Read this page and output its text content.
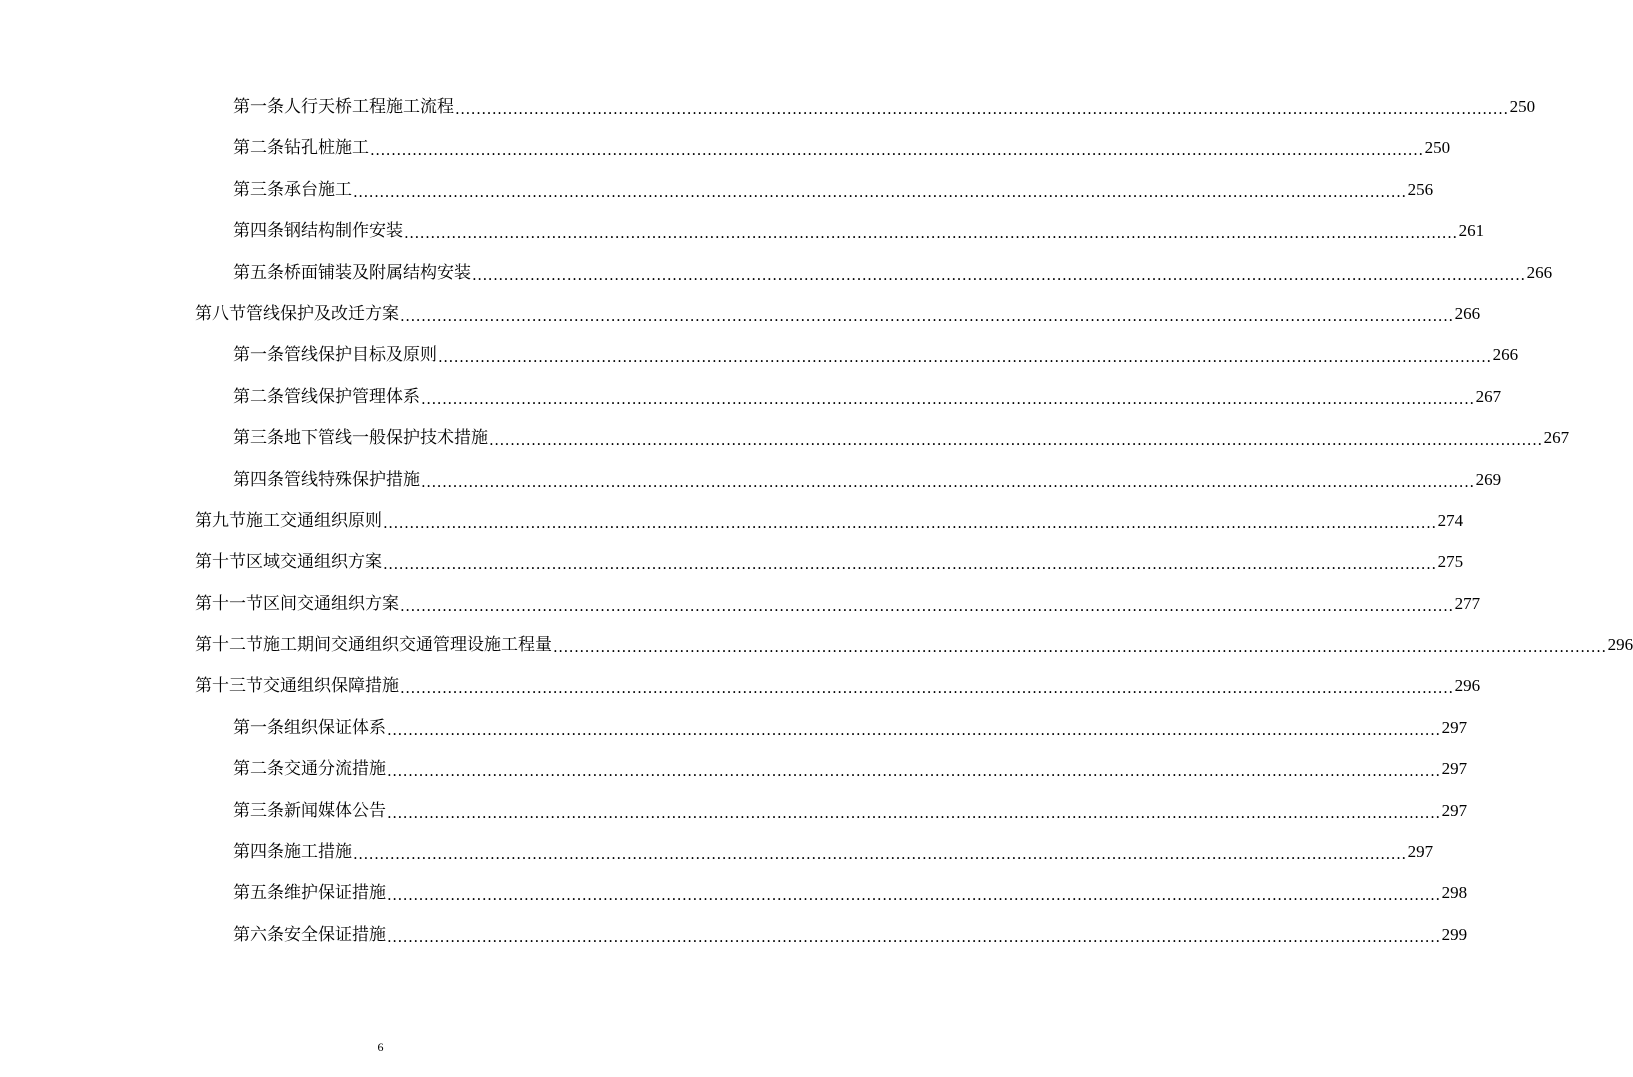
第一条 人行天桥工程施工流程 ........................................................................................................................................................................................................ 250
第二条 钻孔桩施工 ........................................................................................................................................................................................................ 250
第三条 承台施工 ........................................................................................................................................................................................................ 256
第四条 钢结构制作安装 ........................................................................................................................................................................................................ 261
第五条 桥面铺装及附属结构安装 ........................................................................................................................................................................................................ 266
第八节 管线保护及改迁方案 ........................................................................................................................................................................................................ 266
第一条 管线保护目标及原则 ........................................................................................................................................................................................................ 266
第二条 管线保护管理体系 ........................................................................................................................................................................................................ 267
第三条 地下管线一般保护技术措施 ........................................................................................................................................................................................................ 267
第四条 管线特殊保护措施 ........................................................................................................................................................................................................ 269
第九节 施工交通组织原则 ........................................................................................................................................................................................................ 274
第十节 区域交通组织方案 ........................................................................................................................................................................................................ 275
第十一节 区间交通组织方案 ........................................................................................................................................................................................................ 277
第十二节 施工期间交通组织交通管理设施工程量 ........................................................................................................................................................................................................ 296
第十三节 交通组织保障措施 ........................................................................................................................................................................................................ 296
第一条 组织保证体系 ........................................................................................................................................................................................................ 297
第二条 交通分流措施 ........................................................................................................................................................................................................ 297
第三条 新闻媒体公告 ........................................................................................................................................................................................................ 297
第四条 施工措施 ........................................................................................................................................................................................................ 297
第五条 维护保证措施 ........................................................................................................................................................................................................ 298
第六条 安全保证措施 ........................................................................................................................................................................................................ 299
6
